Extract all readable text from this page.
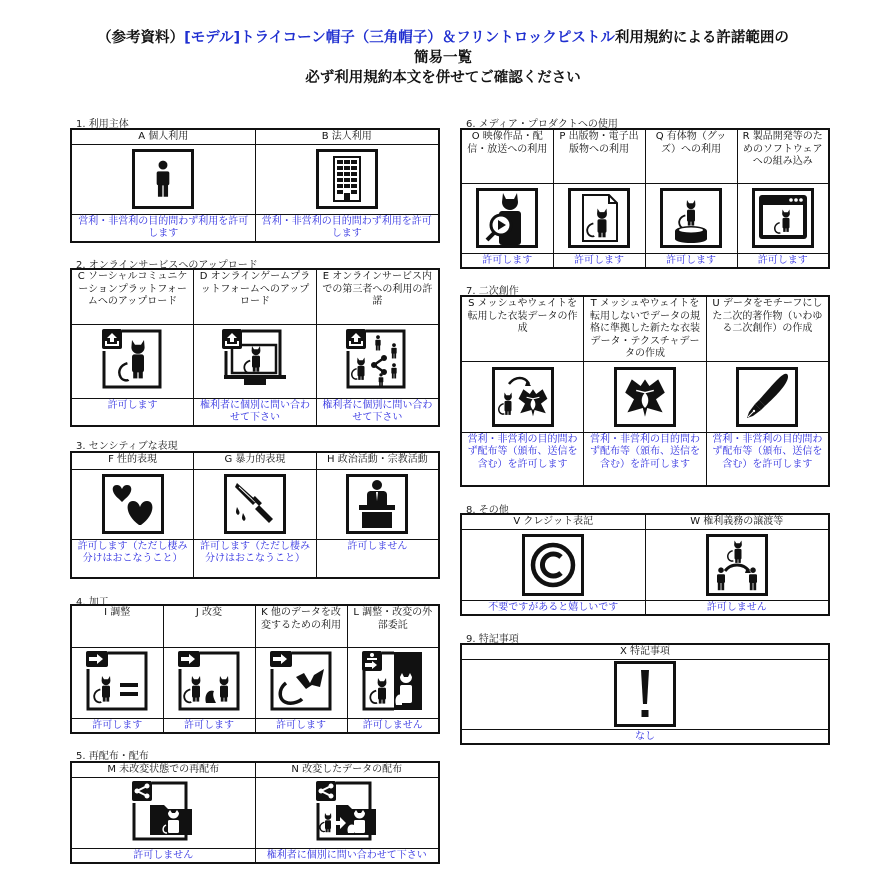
（参考資料）[モデル]トライコーン帽子（三角帽子）＆フリントロックピストル利用規約による許諾範囲の
簡易一覧
必ず利用規約本文を併せてご確認ください
1. 利用主体
A 個人利用	B 法人利用

営利・非営利の目的問わず利用を許可します	営利・非営利の目的問わず利用を許可します
2. オンラインサービスへのアップロード
C ソーシャルコミュニケーションプラットフォームへのアップロード	D オンラインゲームプラットフォームへのアップロード	E オンラインサービス内での第三者への利用の許諾

許可します	権利者に個別に問い合わせて下さい	権利者に個別に問い合わせて下さい
3. センシティブな表現
F 性的表現	G 暴力的表現	H 政治活動・宗教活動

許可します（ただし棲み分けはおこなうこと）	許可します（ただし棲み分けはおこなうこと）	許可しません
4. 加工
I 調整	J 改変	K 他のデータを改変するための利用	L 調整・改変の外部委託

許可します	許可します	許可します	許可しません
5. 再配布・配布
M 未改変状態での再配布	N 改変したデータの配布

許可しません	権利者に個別に問い合わせて下さい
6. メディア・プロダクトへの使用
O 映像作品・配信・放送への利用	P 出版物・電子出版物への利用	Q 有体物（グッズ）への利用	R 製品開発等のためのソフトウェアへの組み込み

許可します	許可します	許可します	許可します
7. 二次創作
S メッシュやウェイトを転用した衣装データの作成	T メッシュやウェイトを転用しないでデータの規格に準拠した新たな衣装データ・テクスチャデータの作成	U データをモチーフにした二次的著作物（いわゆる二次創作）の作成

営利・非営利の目的問わず配布等（頒布、送信を含む）を許可します	営利・非営利の目的問わず配布等（頒布、送信を含む）を許可します	営利・非営利の目的問わず配布等（頒布、送信を含む）を許可します
8. その他
V クレジット表記	W 権利義務の譲渡等

不要ですがあると嬉しいです	許可しません
9. 特記事項
X 特記事項

なし
